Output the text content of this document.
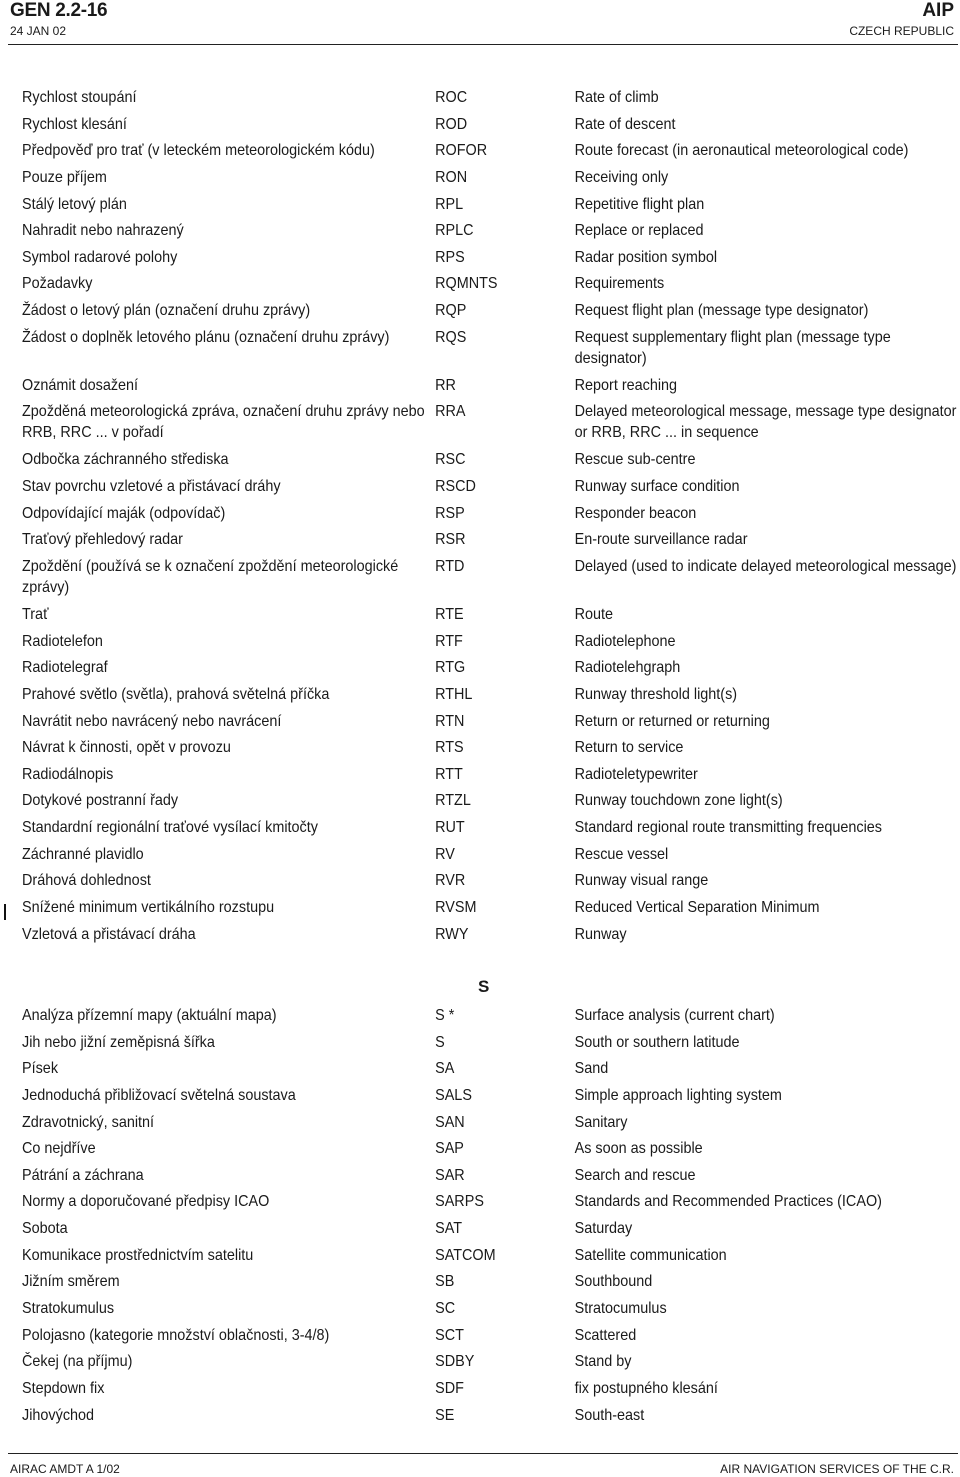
GEN 2.2-16
24 JAN 02
AIP
CZECH REPUBLIC
Rychlost stoupání	ROC	Rate of climb
Rychlost klesání	ROD	Rate of descent
Předpověď pro trať (v leteckém meteorologickém kódu)	ROFOR	Route forecast (in aeronautical meteorological code)
Pouze příjem	RON	Receiving only
Stálý letový plán	RPL	Repetitive flight plan
Nahradit nebo nahrazený	RPLC	Replace or replaced
Symbol radarové polohy	RPS	Radar position symbol
Požadavky	RQMNTS	Requirements
Žádost o letový plán (označení druhu zprávy)	RQP	Request flight plan (message type designator)
Žádost o doplněk letového plánu (označení druhu zprávy)	RQS	Request supplementary flight plan (message type designator)
Oznámit dosažení	RR	Report reaching
Zpožděná meteorologická zpráva, označení druhu zprávy nebo RRB, RRC ... v pořadí	RRA	Delayed meteorological message, message type designator or RRB, RRC ... in sequence
Odbočka záchranného střediska	RSC	Rescue sub-centre
Stav povrchu vzletové a přistávací dráhy	RSCD	Runway surface condition
Odpovídající maják (odpovídač)	RSP	Responder beacon
Traťový přehledový radar	RSR	En-route surveillance radar
Zpoždění (používá se k označení zpoždění meteorologické zprávy)	RTD	Delayed (used to indicate delayed meteorological message)
Trať	RTE	Route
Radiotelefon	RTF	Radiotelephone
Radiotelegraf	RTG	Radiotelehgraph
Prahové světlo (světla), prahová světelná příčka	RTHL	Runway threshold light(s)
Navrátit nebo navrácený nebo navrácení	RTN	Return or returned or returning
Návrat k činnosti, opět v provozu	RTS	Return to service
Radiodálnopis	RTT	Radioteletypewriter
Dotykové postranní řady	RTZL	Runway touchdown zone light(s)
Standardní regionální traťové vysílací kmitočty	RUT	Standard regional route transmitting frequencies
Záchranné plavidlo	RV	Rescue vessel
Dráhová dohlednost	RVR	Runway visual range
Snížené minimum vertikálního rozstupu	RVSM	Reduced Vertical Separation Minimum
Vzletová a přistávací dráha	RWY	Runway
S
Analýza přízemní mapy (aktuální mapa)	S *	Surface analysis (current chart)
Jih nebo jižní zeměpisná šířka	S	South or southern latitude
Písek	SA	Sand
Jednoduchá přibližovací světelná soustava	SALS	Simple approach lighting system
Zdravotnický, sanitní	SAN	Sanitary
Co nejdříve	SAP	As soon as possible
Pátrání a záchrana	SAR	Search and rescue
Normy a doporučované předpisy ICAO	SARPS	Standards and Recommended Practices (ICAO)
Sobota	SAT	Saturday
Komunikace prostřednictvím satelitu	SATCOM	Satellite communication
Jižním směrem	SB	Southbound
Stratokumulus	SC	Stratocumulus
Polojasno (kategorie množství oblačnosti, 3-4/8)	SCT	Scattered
Čekej (na příjmu)	SDBY	Stand by
Stepdown fix	SDF	fix postupného klesání
Jihovýchod	SE	South-east
AIRAC AMDT A 1/02	AIR NAVIGATION SERVICES OF THE C.R.
